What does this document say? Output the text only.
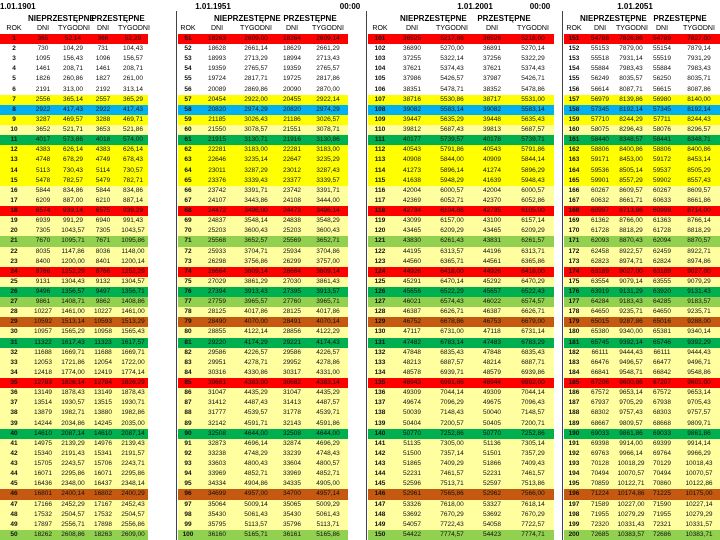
1.01.1901	1.01.1951	00:00	1.01.2001	00:00	1.01.2051
NIEPRZESTĘPNE
PRZESTĘPNE	NIEPRZESTĘPNE PRZESTĘPNE	NIEPRZESTĘPNE	PRZESTĘPNE	NIEPRZESTĘPNE PRZESTĘPNE
ROK	DNI	TYGODNI	DNI	TYGODNI	ROK	DNI	TYGODNI	DNI	TYGODNI	ROK	DNI	TYGODNI	DNI	TYGODNI	ROK	DNI	TYGODNI	DNI	TYGODNI
1	365	52,14	366	52,29	51	18263	2609,00	18264	2609,14	101	36525	5217,86	36526	5218,00	151	54788	7826,86	54789	7827,00
2	730	104,29	731	104,43	52	18628	2661,14	18629	2661,29	102	36890	5270,00	36891	5270,14	152	55153	7879,00	55154	7879,14
3	1095	156,43	1096	156,57	53	18993	2713,29	18994	2713,43	103	37255	5322,14	37256	5322,29	153	55518	7931,14	55519	7931,29
4	1461	208,71	1461	208,71	54	19359	2765,57	19359	2765,57	104	37621	5374,43	37621	5374,43	154	55884	7983,43	55884	7983,43
5	1826	260,86	1827	261,00	55	19724	2817,71	19725	2817,86	105	37986	5426,57	37987	5426,71	155	56249	8035,57	56250	8035,71
6	2191	313,00	2192	313,14	56	20089	2869,86	20090	2870,00	106	38351	5478,71	38352	5478,86	156	56614	8087,71	56615	8087,86
7	2556	365,14	2557	365,29	57	20454	2922,00	20455	2922,14	107	38716	5530,86	38717	5531,00	157	56979	8139,86	56980	8140,00
8	2922	417,43	2922	417,43	58	20820	2974,29	20820	2974,29	108	39082	5583,14	39082	5583,14	158	57345	8192,14	57345	8192,14
9	3287	469,57	3288	469,71	59	21185	3026,43	21186	3026,57	109	39447	5635,29	39448	5635,43	159	57710	8244,29	57711	8244,43
10	3652	521,71	3653	521,86	60	21550	3078,57	21551	3078,71	110	39812	5687,43	39813	5687,57	160	58075	8296,43	58076	8296,57
11	4017	573,86	4018	574,00	61	21915	3130,71	21916	3130,86	111	40177	5739,57	40178	5739,71	161	58440	8348,57	58441	8348,71
12	4383	626,14	4383	626,14	62	22281	3183,00	22281	3183,00	112	40543	5791,86	40543	5791,86	162	58806	8400,86	58806	8400,86
13	4748	678,29	4749	678,43	63	22646	3235,14	22647	3235,29	113	40908	5844,00	40909	5844,14	163	59171	8453,00	59172	8453,14
14	5113	730,43	5114	730,57	64	23011	3287,29	23012	3287,43	114	41273	5896,14	41274	5896,29	164	59536	8505,14	59537	8505,29
15	5478	782,57	5479	782,71	65	23376	3339,43	23377	3339,57	115	41638	5948,29	41639	5948,43	165	59901	8557,29	59902	8557,43
16	5844	834,86	5844	834,86	66	23742	3391,71	23742	3391,71	116	42004	6000,57	42004	6000,57	166	60267	8609,57	60267	8609,57
17	6209	887,00	6210	887,14	67	24107	3443,86	24108	3444,00	117	42369	6052,71	42370	6052,86	167	60632	8661,71	60633	8661,86
18	6574	939,14	6575	939,29	68	24472	3496,00	24473	3496,14	118	42734	6104,86	42735	6105,00	168	60997	8713,86	60998	8714,00
19	6939	991,29	6940	991,43	69	24837	3548,14	24838	3548,29	119	43099	6157,00	43100	6157,14	169	61362	8766,00	61363	8766,14
20	7305	1043,57	7305	1043,57	70	25203	3600,43	25203	3600,43	120	43465	6209,29	43465	6209,29	170	61728	8818,29	61728	8818,29
21	7670	1095,71	7671	1095,86	71	25568	3652,57	25569	3652,71	121	43830	6261,43	43831	6261,57	171	62093	8870,43	62094	8870,57
22	8035	1147,86	8036	1148,00	72	25933	3704,71	25934	3704,86	122	44195	6313,57	44196	6313,71	172	62458	8922,57	62459	8922,71
23	8400	1200,00	8401	1200,14	73	26298	3756,86	26299	3757,00	123	44560	6365,71	44561	6365,86	173	62823	8974,71	62824	8974,86
24	8766	1252,29	8766	1252,29	74	26664	3809,14	26664	3809,14	124	44926	6418,00	44926	6418,00	174	63189	9027,00	63189	9027,00
25	9131	1304,43	9132	1304,57	75	27029	3861,29	27030	3861,43	125	45291	6470,14	45292	6470,29	175	63554	9079,14	63555	9079,29
26	9496	1356,57	9497	1356,71	76	27394	3913,43	27395	3913,57	126	45656	6522,29	45657	6522,43	176	63919	9131,29	63920	9131,43
27	9861	1408,71	9862	1408,86	77	27759	3965,57	27760	3965,71	127	46021	6574,43	46022	6574,57	177	64284	9183,43	64285	9183,57
28	10227	1461,00	10227	1461,00	78	28125	4017,86	28125	4017,86	128	46387	6626,71	46387	6626,71	178	64650	9235,71	64650	9235,71
29	10592	1513,14	10593	1513,29	79	28490	4070,00	28491	4070,14	129	46752	6678,86	46753	6679,00	179	65015	9287,86	65016	9288,00
30	10957	1565,29	10958	1565,43	80	28855	4122,14	28856	4122,29	130	47117	6731,00	47118	6731,14	180	65380	9340,00	65381	9340,14
31	11322	1617,43	11323	1617,57	81	29220	4174,29	29221	4174,43	131	47482	6783,14	47483	6783,29	181	65745	9392,14	65746	9392,29
32	11688	1669,71	11688	1669,71	82	29586	4226,57	29586	4226,57	132	47848	6835,43	47848	6835,43	182	66111	9444,43	66111	9444,43
33	12053	1721,86	12054	1722,00	83	29951	4278,71	29952	4278,86	133	48213	6887,57	48214	6887,71	183	66476	9496,57	66477	9496,71
34	12418	1774,00	12419	1774,14	84	30316	4330,86	30317	4331,00	134	48578	6939,71	48579	6939,86	184	66841	9548,71	66842	9548,86
35	12783	1826,14	12784	1826,29	85	30681	4383,00	30682	4383,14	135	48943	6991,86	48944	6992,00	185	67206	9600,86	67207	9601,00
36	13149	1878,43	13149	1878,43	86	31047	4435,29	31047	4435,29	136	49309	7044,14	49309	7044,14	186	67572	9653,14	67572	9653,14
37	13514	1930,57	13515	1930,71	87	31412	4487,43	31413	4487,57	137	49674	7096,29	49675	7096,43	187	67937	9705,29	67938	9705,43
38	13879	1982,71	13880	1982,86	88	31777	4539,57	31778	4539,71	138	50039	7148,43	50040	7148,57	188	68302	9757,43	68303	9757,57
39	14244	2034,86	14245	2035,00	89	32142	4591,71	32143	4591,86	139	50404	7200,57	50405	7200,71	189	68667	9809,57	68668	9809,71
40	14610	2087,14	14610	2087,14	90	32508	4644,00	32508	4644,00	140	50770	7252,86	50770	7252,86	190	69033	9861,86	69033	9861,86
41	14975	2139,29	14976	2139,43	91	32873	4696,14	32874	4696,29	141	51135	7305,00	51136	7305,14	191	69398	9914,00	69399	9914,14
42	15340	2191,43	15341	2191,57	92	33238	4748,29	33239	4748,43	142	51500	7357,14	51501	7357,29	192	69763	9966,14	69764	9966,29
43	15705	2243,57	15706	2243,71	93	33603	4800,43	33604	4800,57	143	51865	7409,29	51866	7409,43	193	70128	10018,29	70129	10018,43
44	16071	2295,86	16071	2295,86	94	33969	4852,71	33969	4852,71	144	52231	7461,57	52231	7461,57	194	70494	10070,57	70494	10070,57
45	16436	2348,00	16437	2348,14	95	34334	4904,86	34335	4905,00	145	52596	7513,71	52597	7513,86	195	70859	10122,71	70860	10122,86
46	16801	2400,14	16802	2400,29	96	34699	4957,00	34700	4957,14	146	52961	7565,86	52962	7566,00	196	71224	10174,86	71225	10175,00
47	17166	2452,29	17167	2452,43	97	35064	5009,14	35065	5009,29	147	53326	7618,00	53327	7618,14	197	71589	10227,00	71590	10227,14
48	17532	2504,57	17532	2504,57	98	35430	5061,43	35430	5061,43	148	53692	7670,29	53692	7670,29	198	71955	10279,29	71955	10279,29
49	17897	2556,71	17898	2556,86	99	35795	5113,57	35796	5113,71	149	54057	7722,43	54058	7722,57	199	72320	10331,43	72321	10331,57
50	18262	2608,86	18263	2609,00	100	36160	5165,71	36161	5165,86	150	54422	7774,57	54423	7774,71	200	72685	10383,57	72686	10383,71
